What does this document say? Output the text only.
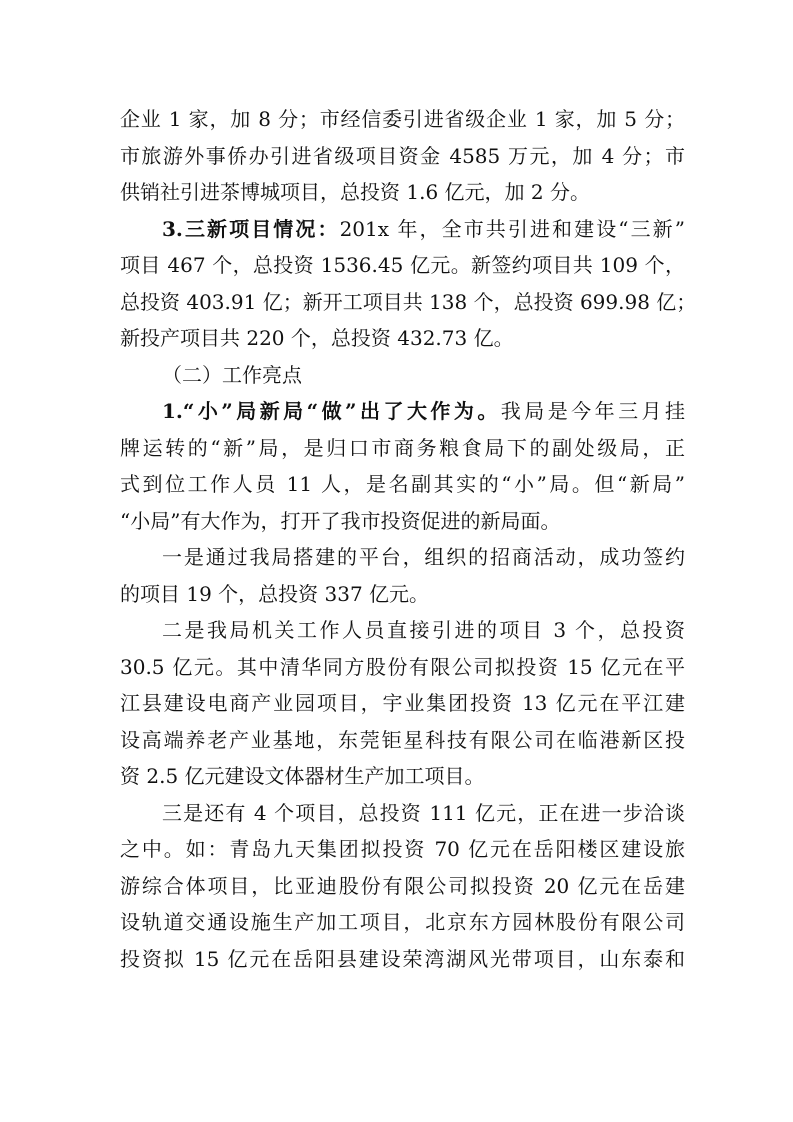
企业 1 家，加 8 分；市经信委引进省级企业 1 家，加 5 分；
市旅游外事侨办引进省级项目资金 4585 万元，加 4 分；市
供销社引进茶博城项目，总投资 1.6 亿元，加 2 分。
3.三新项目情况：201x 年，全市共引进和建设“三新”
项目 467 个，总投资 1536.45 亿元。新签约项目共 109 个，
总投资 403.91 亿；新开工项目共 138 个，总投资 699.98 亿；
新投产项目共 220 个，总投资 432.73 亿。
（二）工作亮点
1.“小”局新局“做”出了大作为。我局是今年三月挂
牌运转的“新”局，是归口市商务粮食局下的副处级局，正
式到位工作人员 11 人，是名副其实的“小”局。但“新局”
“小局”有大作为，打开了我市投资促进的新局面。
一是通过我局搭建的平台，组织的招商活动，成功签约
的项目 19 个，总投资 337 亿元。
二是我局机关工作人员直接引进的项目 3 个，总投资
30.5 亿元。其中清华同方股份有限公司拟投资 15 亿元在平
江县建设电商产业园项目，宇业集团投资 13 亿元在平江建
设高端养老产业基地，东莞钜星科技有限公司在临港新区投
资 2.5 亿元建设文体器材生产加工项目。
三是还有 4 个项目，总投资 111 亿元，正在进一步洽谈
之中。如：青岛九天集团拟投资 70 亿元在岳阳楼区建设旅
游综合体项目，比亚迪股份有限公司拟投资 20 亿元在岳建
设轨道交通设施生产加工项目，北京东方园林股份有限公司
投资拟 15 亿元在岳阳县建设荣湾湖风光带项目，山东泰和
